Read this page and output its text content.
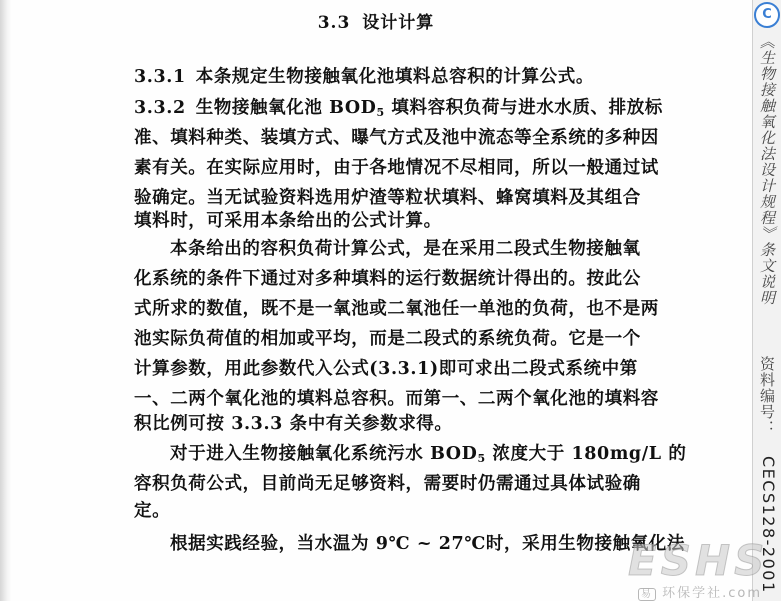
3.3 设计计算
3.3.1 本条规定生物接触氧化池填料总容积的计算公式。
3.3.2 生物接触氧化池 $BOD_5$ 填料容积负荷与进水水质、排放标
准、填料种类、装填方式、曝气方式及池中流态等全系统的多种因
素有关。在实际应用时，由于各地情况不尽相同，所以一般通过试
验确定。当无试验资料选用炉渣等粒状填料、蜂窝填料及其组合
填料时，可采用本条给出的公式计算。
本条给出的容积负荷计算公式，是在采用二段式生物接触氧
化系统的条件下通过对多种填料的运行数据统计得出的。按此公
式所求的数值，既不是一氧池或二氧池任一单池的负荷，也不是两
池实际负荷值的相加或平均，而是二段式的系统负荷。它是一个
计算参数，用此参数代入公式(3.3.1)即可求出二段式系统中第
一、二两个氧化池的填料总容积。而第一、二两个氧化池的填料容
积比例可按 3.3.3 条中有关参数求得。
对于进入生物接触氧化系统污水 $BOD_5$ 浓度大于 180mg/L 的
容积负荷公式，目前尚无足够资料，需要时仍需通过具体试验确
定。
根据实践经验，当水温为 9℃ ~ 27℃时，采用生物接触氧化法
C
《生物接触氧化法设计规程》条文说明
资料编号：
CECS128-2001
ESHS
易 环保学社.com
